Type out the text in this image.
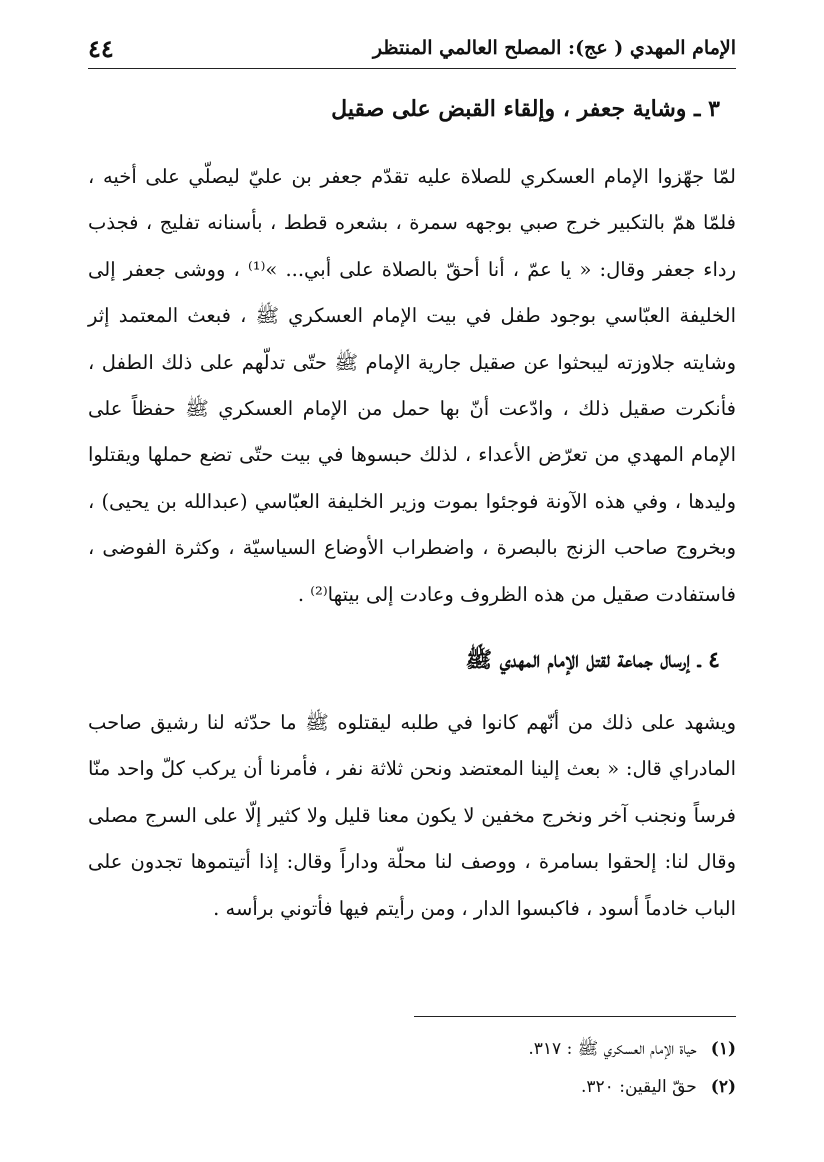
الإمام المهدي ( عج): المصلح العالمي المنتظر
٤٤
٣ ـ وشاية جعفر ، وإلقاء القبض على صقيل

لمّا جهّزوا الإمام العسكري للصلاة عليه تقدّم جعفر بن عليّ ليصلّي على أخيه ، فلمّا همّ بالتكبير خرج صبي بوجهه سمرة ، بشعره قطط ، بأسنانه تفليج ، فجذب رداء جعفر وقال: « يا عمّ ، أنا أحقّ بالصلاة على أبي... »⁽¹⁾ ، ووشى جعفر إلى الخليفة العبّاسي بوجود طفل في بيت الإمام العسكري ﷺ ، فبعث المعتمد إثر وشايته جلاوزته ليبحثوا عن صقيل جارية الإمام ﷺ حتّى تدلّهم على ذلك الطفل ، فأنكرت صقيل ذلك ، وادّعت أنّ بها حمل من الإمام العسكري ﷺ حفظاً على الإمام المهدي من تعرّض الأعداء ، لذلك حبسوها في بيت حتّى تضع حملها ويقتلوا وليدها ، وفي هذه الآونة فوجئوا بموت وزير الخليفة العبّاسي (عبدالله بن يحيى) ، وبخروج صاحب الزنج بالبصرة ، واضطراب الأوضاع السياسيّة ، وكثرة الفوضى ، فاستفادت صقيل من هذه الظروف وعادت إلى بيتها⁽²⁾ .

٤ ـ إرسال جماعة لقتل الإمام المهدي ﷺ

ويشهد على ذلك من أنّهم كانوا في طلبه ليقتلوه ﷺ ما حدّثه لنا رشيق صاحب المادراي قال: « بعث إلينا المعتضد ونحن ثلاثة نفر ، فأمرنا أن يركب كلّ واحد منّا فرساً ونجنب آخر ونخرج مخفين لا يكون معنا قليل ولا كثير إلّا على السرج مصلى وقال لنا: إلحقوا بسامرة ، ووصف لنا محلّة وداراً وقال: إذا أتيتموها تجدون على الباب خادماً أسود ، فاكبسوا الدار ، ومن رأيتم فيها فأتوني برأسه .

(١)
حياة الإمام العسكري ﷺ : ٣١٧.
(٢)
حقّ اليقين: ٣٢٠.
